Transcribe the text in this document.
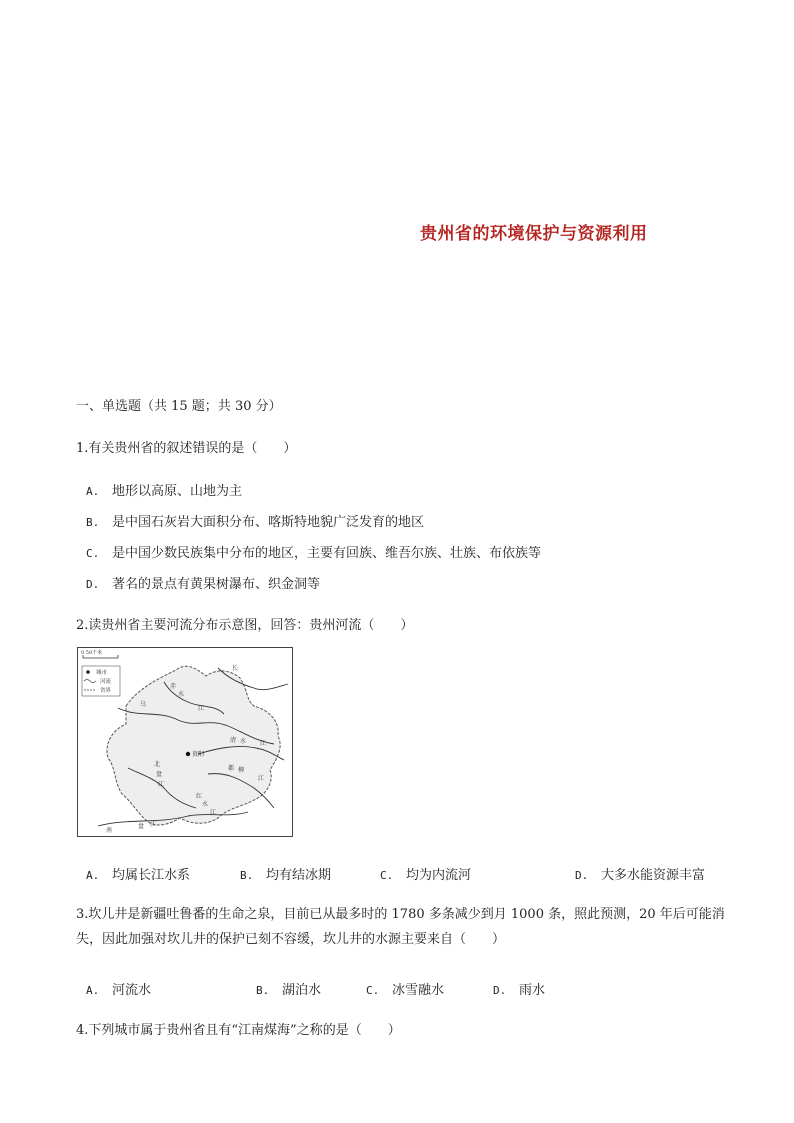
贵州省的环境保护与资源利用
一、单选题（共 15 题；共 30 分）
1.有关贵州省的叙述错误的是（　　）
A. 地形以高原、山地为主
B. 是中国石灰岩大面积分布、喀斯特地貌广泛发育的地区
C. 是中国少数民族集中分布的地区，主要有回族、维吾尔族、壮族、布依族等
D. 著名的景点有黄果树瀑布、织金洞等
2.读贵州省主要河流分布示意图，回答：贵州河流（　　）
0 50千米
城市
河流
省界
贵阳
长
乌
江
赤
水
清 水 江
都 柳
江
北
盘
江
红
水
江
南
盘 江
A. 均属长江水系	B. 均有结冰期	C. 均为内流河	D. 大多水能资源丰富
3.坎儿井是新疆吐鲁番的生命之泉，目前已从最多时的 1780 多条减少到月 1000 条，照此预测，20 年后可能消失，因此加强对坎儿井的保护已刻不容缓，坎儿井的水源主要来自（　　）
A. 河流水	B. 湖泊水	C. 冰雪融水	D. 雨水
4.下列城市属于贵州省且有“江南煤海”之称的是（　　）
